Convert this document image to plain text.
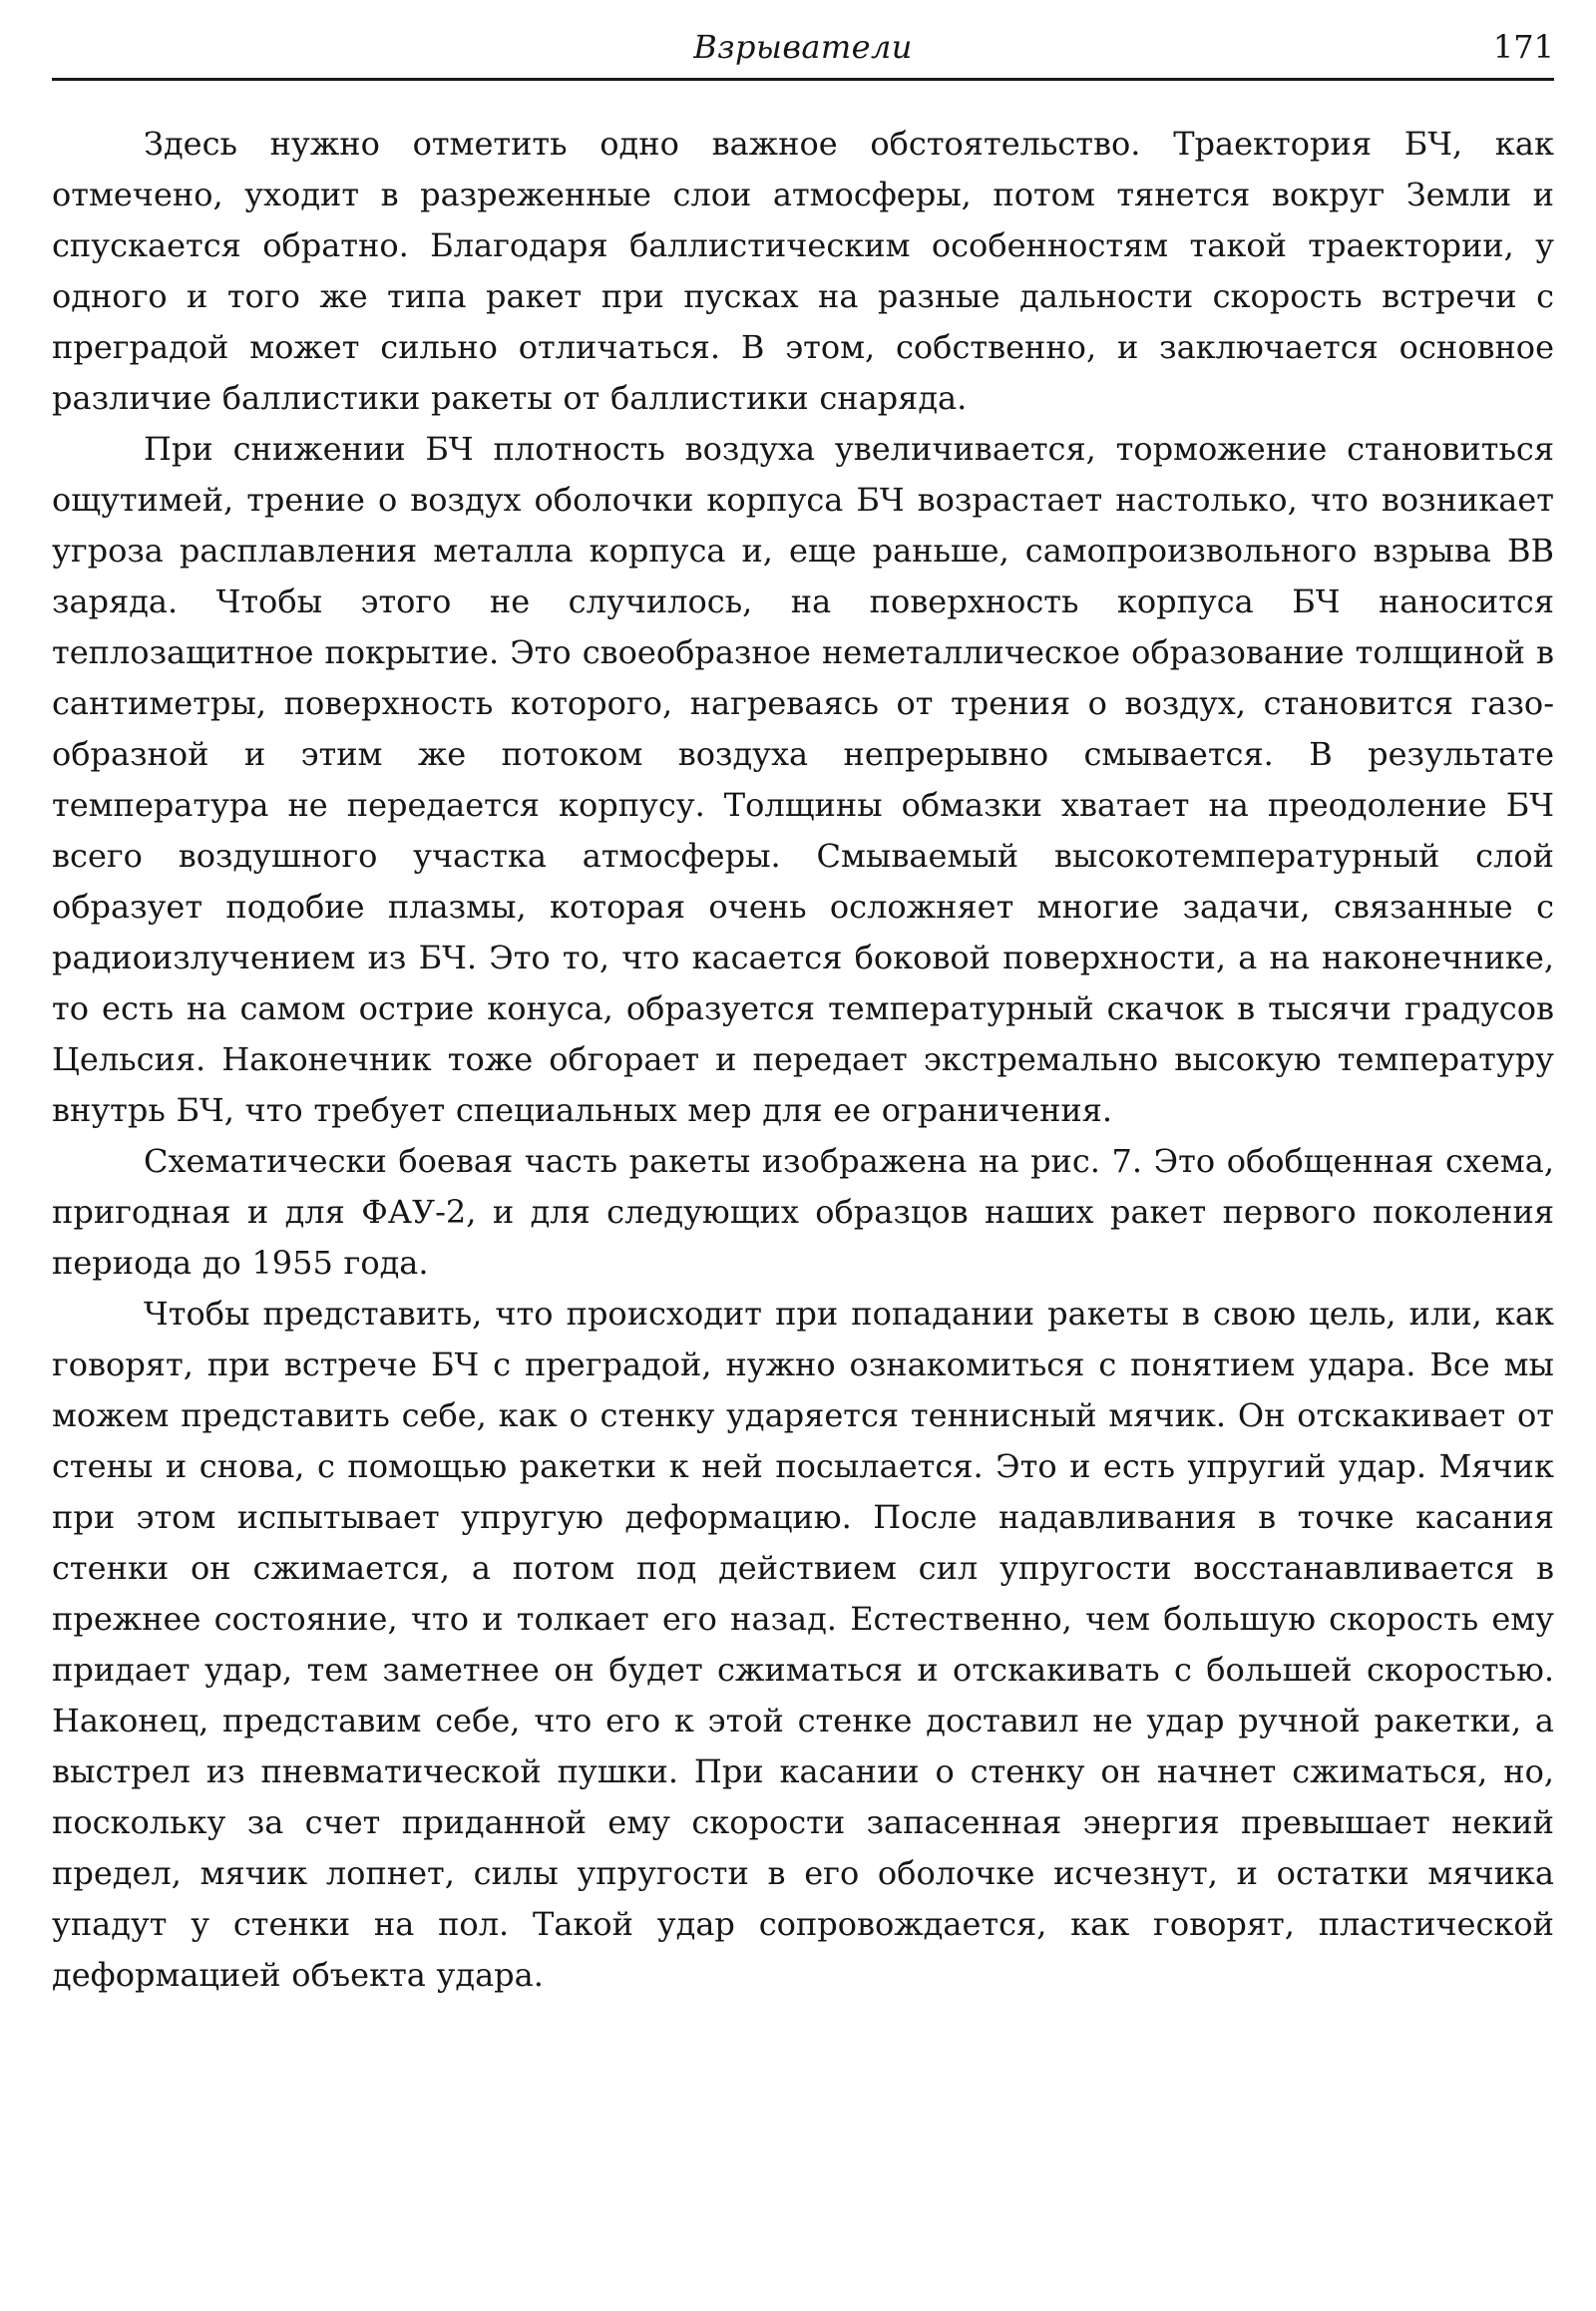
Взрыватели	171

Здесь нужно отметить одно важное обстоятельство. Траектория БЧ, как отмечено, уходит в разреженные слои атмосферы, потом тянется вокруг Земли и спускается обратно. Благодаря баллистическим особенностям такой траектории, у одного и того же типа ракет при пусках на разные дальности скорость встречи с преградой может сильно отличаться. В этом, собственно, и заключается основное различие баллистики ракеты от баллистики снаряда.

При снижении БЧ плотность воздуха увеличивается, торможение становиться ощутимей, трение о воздух оболочки корпуса БЧ возрастает настолько, что возникает угроза расплавления металла корпуса и, еще раньше, самопроизвольного взрыва ВВ заряда. Чтобы этого не случилось, на поверхность корпуса БЧ наносится теплозащитное покрытие. Это своеобразное неметаллическое образование толщиной в сантиметры, поверхность которого, нагреваясь от трения о воздух, становится газообразной и этим же потоком воздуха непрерывно смывается. В результате температура не передается корпусу. Толщины обмазки хватает на преодоление БЧ всего воздушного участка атмосферы. Смываемый высокотемпературный слой образует подобие плазмы, которая очень осложняет многие задачи, связанные с радиоизлучением из БЧ. Это то, что касается боковой поверхности, а на наконечнике, то есть на самом острие конуса, образуется температурный скачок в тысячи градусов Цельсия. Наконечник тоже обгорает и передает экстремально высокую температуру внутрь БЧ, что требует специальных мер для ее ограничения.

Схематически боевая часть ракеты изображена на рис. 7. Это обобщенная схема, пригодная и для ФАУ-2, и для следующих образцов наших ракет первого поколения периода до 1955 года.

Чтобы представить, что происходит при попадании ракеты в свою цель, или, как говорят, при встрече БЧ с преградой, нужно ознакомиться с понятием удара. Все мы можем представить себе, как о стенку ударяется теннисный мячик. Он отскакивает от стены и снова, с помощью ракетки к ней посылается. Это и есть упругий удар. Мячик при этом испытывает упругую деформацию. После надавливания в точке касания стенки он сжимается, а потом под действием сил упругости восстанавливается в прежнее состояние, что и толкает его назад. Естественно, чем большую скорость ему придает удар, тем заметнее он будет сжиматься и отскакивать с большей скоростью. Наконец, представим себе, что его к этой стенке доставил не удар ручной ракетки, а выстрел из пневматической пушки. При касании о стенку он начнет сжиматься, но, поскольку за счет приданной ему скорости запасенная энергия превышает некий предел, мячик лопнет, силы упругости в его оболочке исчезнут, и остатки мячика упадут у стенки на пол. Такой удар сопровождается, как говорят, пластической деформацией объекта удара.
